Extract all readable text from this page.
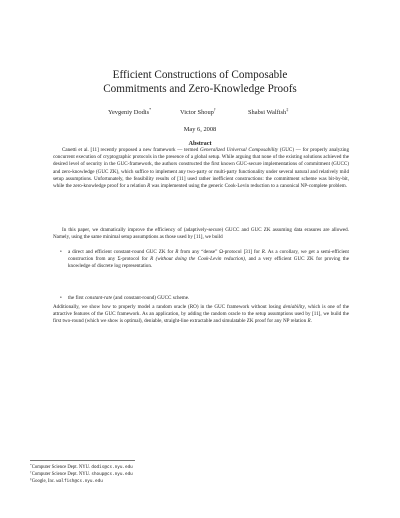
Efficient Constructions of Composable
Commitments and Zero-Knowledge Proofs
Yevgeniy Dodis*	Victor Shoup†	Shabsi Walfish‡
May 6, 2008
Abstract
Canetti et al. [11] recently proposed a new framework — termed Generalized Universal Composability (GUC) — for properly analyzing concurrent execution of cryptographic protocols in the presence of a global setup. While arguing that none of the existing solutions achieved the desired level of security in the GUC-framework, the authors constructed the first known GUC-secure implementations of commitment (GUCC) and zero-knowledge (GUC ZK), which suffice to implement any two-party or multi-party functionality under several natural and relatively mild setup assumptions. Unfortunately, the feasibility results of [11] used rather inefficient constructions: the commitment scheme was bit-by-bit, while the zero-knowledge proof for a relation R was implemented using the generic Cook-Levin reduction to a canonical NP-complete problem.
In this paper, we dramatically improve the efficiency of (adaptively-secure) GUCC and GUC ZK assuming data erasures are allowed. Namely, using the same minimal setup assumptions as those used by [11], we build
• a direct and efficient constant-round GUC ZK for R from any “dense” Ω-protocol [31] for R. As a corollary, we get a semi-efficient construction from any Σ-protocol for R (without doing the Cook-Levin reduction), and a very efficient GUC ZK for proving the knowledge of discrete log representation.
• the first constant-rate (and constant-round) GUCC scheme.
Additionally, we show how to properly model a random oracle (RO) in the GUC framework without losing deniability, which is one of the attractive features of the GUC framework. As an application, by adding the random oracle to the setup assumptions used by [11], we build the first two-round (which we show is optimal), deniable, straight-line extractable and simulatable ZK proof for any NP relation R.
*Computer Science Dept. NYU. dodis@cs.nyu.edu
†Computer Science Dept. NYU. shoup@cs.nyu.edu
‡Google, Inc. walfish@cs.nyu.edu
